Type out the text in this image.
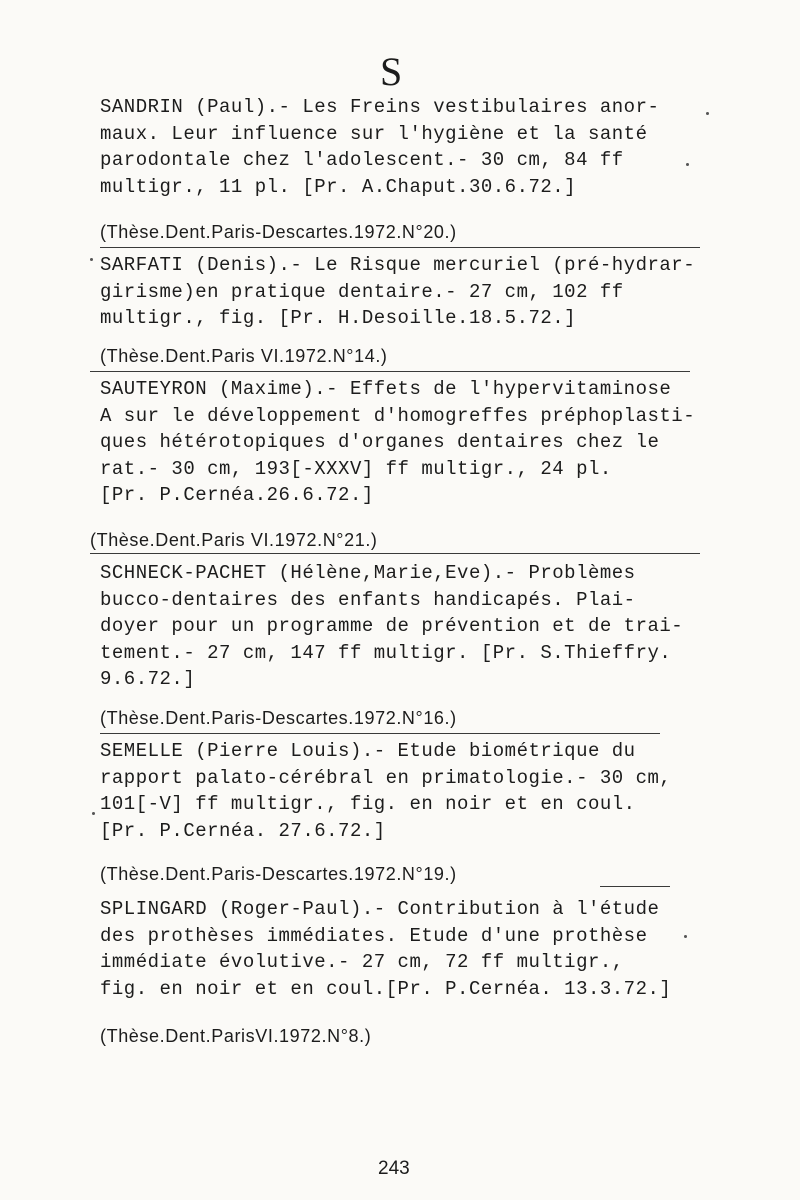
S
SANDRIN (Paul).- Les Freins vestibulaires anor-
maux. Leur influence sur l'hygiène et la santé
parodontale chez l'adolescent.- 30 cm, 84 ff
multigr., 11 pl. [Pr. A.Chaput.30.6.72.]
(Thèse.Dent.Paris-Descartes.1972.N°20.)
SARFATI (Denis).- Le Risque mercuriel (pré-hydrar-
girisme)en pratique dentaire.- 27 cm, 102 ff
multigr., fig. [Pr. H.Desoille.18.5.72.]
(Thèse.Dent.Paris VI.1972.N°14.)
SAUTEYRON (Maxime).- Effets de l'hypervitaminose
A sur le développement d'homogreffes préphoplasti-
ques hétérotopiques d'organes dentaires chez le
rat.- 30 cm, 193[-XXXV] ff multigr., 24 pl.
[Pr. P.Cernéa.26.6.72.]
(Thèse.Dent.Paris VI.1972.N°21.)
SCHNECK-PACHET (Hélène,Marie,Eve).- Problèmes
bucco-dentaires des enfants handicapés. Plai-
doyer pour un programme de prévention et de trai-
tement.- 27 cm, 147 ff multigr. [Pr. S.Thieffry.
9.6.72.]
(Thèse.Dent.Paris-Descartes.1972.N°16.)
SEMELLE (Pierre Louis).- Etude biométrique du
rapport palato-cérébral en primatologie.- 30 cm,
101[-V] ff multigr., fig. en noir et en coul.
[Pr. P.Cernéa. 27.6.72.]
(Thèse.Dent.Paris-Descartes.1972.N°19.)
SPLINGARD (Roger-Paul).- Contribution à l'étude
des prothèses immédiates. Etude d'une prothèse
immédiate évolutive.- 27 cm, 72 ff multigr.,
fig. en noir et en coul.[Pr. P.Cernéa. 13.3.72.]
(Thèse.Dent.ParisVI.1972.N°8.)
243
